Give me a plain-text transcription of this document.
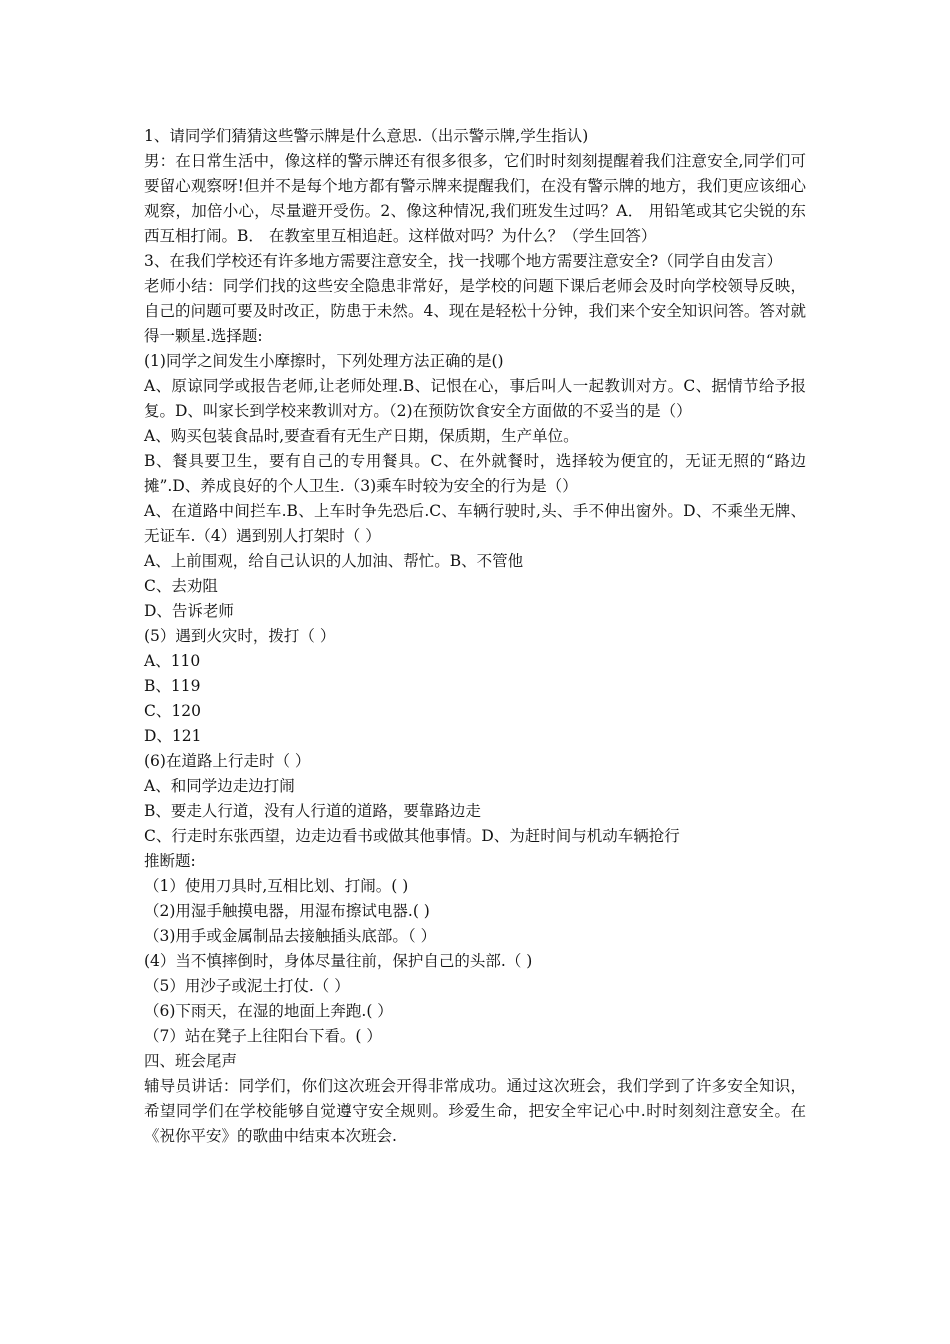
1、请同学们猜猜这些警示牌是什么意思.（出示警示牌,学生指认)

男：在日常生活中，像这样的警示牌还有很多很多，它们时时刻刻提醒着我们注意安全,同学们可要留心观察呀!但并不是每个地方都有警示牌来提醒我们，在没有警示牌的地方，我们更应该细心观察，加倍小心，尽量避开受伤。2、像这种情况,我们班发生过吗？A． 用铅笔或其它尖锐的东西互相打闹。B． 在教室里互相追赶。这样做对吗？为什么？（学生回答）

3、在我们学校还有许多地方需要注意安全，找一找哪个地方需要注意安全?（同学自由发言）

老师小结：同学们找的这些安全隐患非常好，是学校的问题下课后老师会及时向学校领导反映，自己的问题可要及时改正，防患于未然。4、现在是轻松十分钟，我们来个安全知识问答。答对就得一颗星.选择题:

(1)同学之间发生小摩擦时，下列处理方法正确的是()

A、原谅同学或报告老师,让老师处理.B、记恨在心，事后叫人一起教训对方。C、据情节给予报复。D、叫家长到学校来教训对方。（2)在预防饮食安全方面做的不妥当的是（）

A、购买包装食品时,要查看有无生产日期，保质期，生产单位。

B、餐具要卫生，要有自己的专用餐具。C、在外就餐时，选择较为便宜的，无证无照的“路边摊”.D、养成良好的个人卫生.（3)乘车时较为安全的行为是（）

A、在道路中间拦车.B、上车时争先恐后.C、车辆行驶时,头、手不伸出窗外。D、不乘坐无牌、无证车.（4）遇到别人打架时（ ）

A、上前围观，给自己认识的人加油、帮忙。B、不管他

C、去劝阻

D、告诉老师

(5）遇到火灾时，拨打（ ）

A、110

B、119

C、120

D、121

(6)在道路上行走时（ ）

A、和同学边走边打闹

B、要走人行道，没有人行道的道路，要靠路边走

C、行走时东张西望，边走边看书或做其他事情。D、为赶时间与机动车辆抢行

推断题:

（1）使用刀具时,互相比划、打闹。( )

（2)用湿手触摸电器，用湿布擦试电器.( )

（3)用手或金属制品去接触插头底部。（ ）

(4）当不慎摔倒时，身体尽量往前，保护自己的头部.（ )

（5）用沙子或泥土打仗.（ ）

（6)下雨天，在湿的地面上奔跑.( ）

（7）站在凳子上往阳台下看。( ）

四、班会尾声

辅导员讲话：同学们，你们这次班会开得非常成功。通过这次班会，我们学到了许多安全知识，希望同学们在学校能够自觉遵守安全规则。珍爱生命，把安全牢记心中.时时刻刻注意安全。在《祝你平安》的歌曲中结束本次班会.
